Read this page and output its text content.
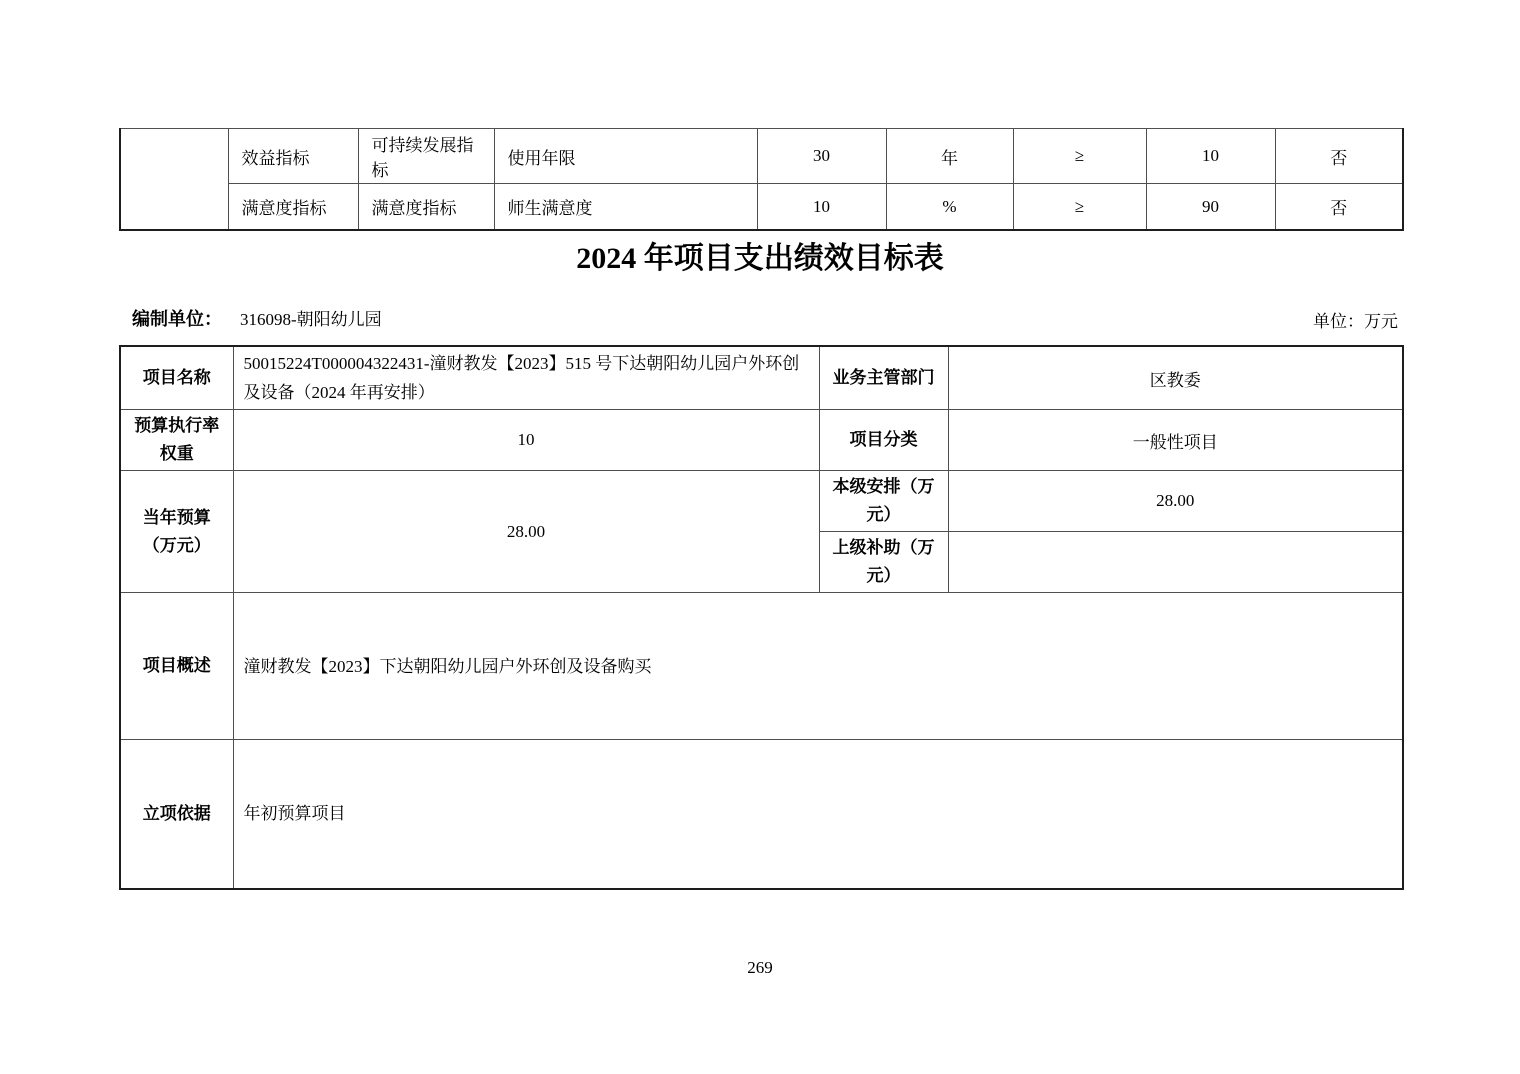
	效益指标	可持续发展指标	使用年限	30	年	≥	10	否
	满意度指标	满意度指标	师生满意度	10	%	≥	90	否
2024 年项目支出绩效目标表
编制单位： 316098-朝阳幼儿园	单位：万元
项目名称	50015224T000004322431-潼财教发【2023】515 号下达朝阳幼儿园户外环创及设备（2024 年再安排）	业务主管部门	区教委
预算执行率权重	10	项目分类	一般性项目
当年预算（万元）	28.00	本级安排（万元）	28.00
		上级补助（万元）	
项目概述	潼财教发【2023】下达朝阳幼儿园户外环创及设备购买		
立项依据	年初预算项目		
269
